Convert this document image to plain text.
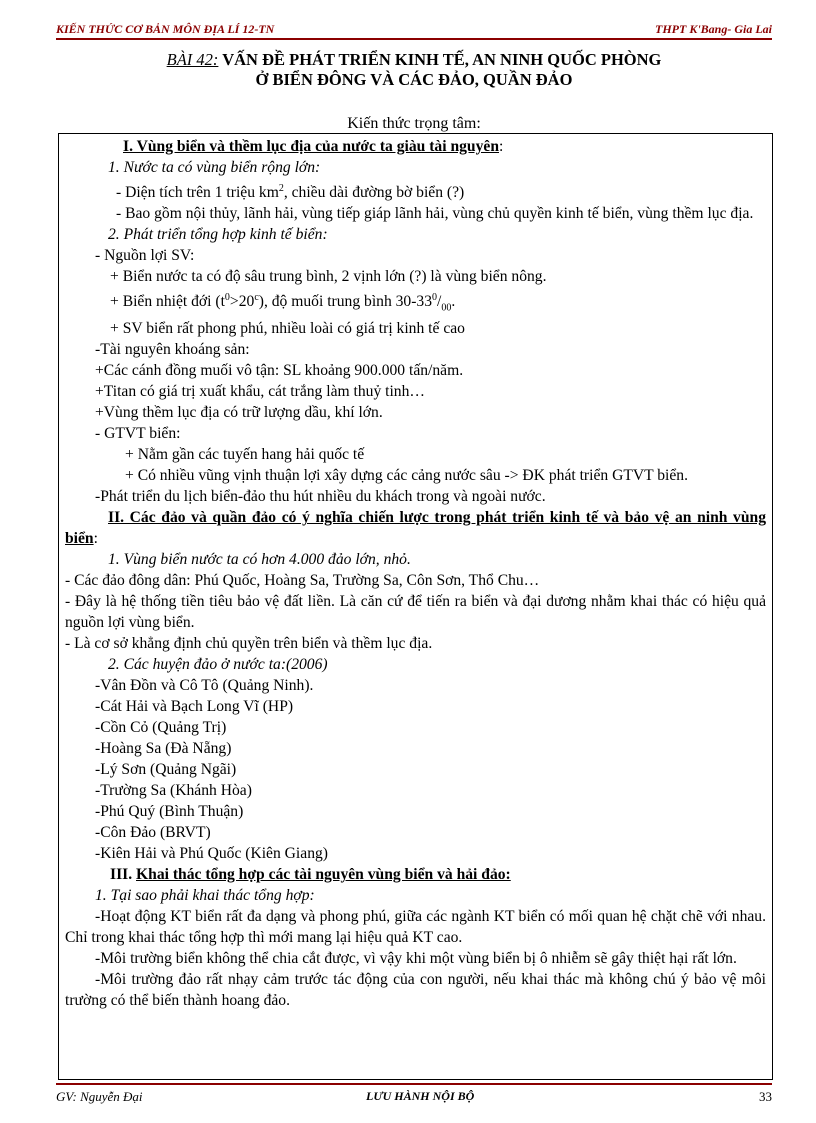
KIẾN THỨC CƠ BẢN MÔN ĐỊA LÍ 12-TN	THPT K'Bang- Gia Lai
BÀI 42: VẤN ĐỀ PHÁT TRIỂN KINH TẾ, AN NINH QUỐC PHÒNG
Ở BIỂN ĐÔNG VÀ CÁC ĐẢO, QUẦN ĐẢO
Kiến thức trọng tâm:
I. Vùng biển và thềm lục địa của nước ta giàu tài nguyên:
1. Nước ta có vùng biển rộng lớn:
- Diện tích trên 1 triệu $km^2$, chiều dài đường bờ biển (?)
- Bao gồm nội thủy, lãnh hải, vùng tiếp giáp lãnh hải, vùng chủ quyền kinh tế biển, vùng thềm lục địa.
2. Phát triển tổng hợp kinh tế biển:
- Nguồn lợi SV:
+ Biển nước ta có độ sâu trung bình, 2 vịnh lớn (?) là vùng biển nông.
+ Biển nhiệt đới $(t^0>20^c)$, độ muối trung bình $30-33^0/_{00}$.
+ SV biển rất phong phú, nhiều loài có giá trị kinh tế cao
-Tài nguyên khoáng sản:
+Các cánh đồng muối vô tận: SL khoảng 900.000 tấn/năm.
+Titan có giá trị xuất khẩu, cát trắng làm thuỷ tinh…
+Vùng thềm lục địa có trữ lượng dầu, khí lớn.
- GTVT biển:
+ Nằm gần các tuyến hang hải quốc tế
+ Có nhiều vũng vịnh thuận lợi xây dựng các cảng nước sâu -> ĐK phát triển GTVT biển.
-Phát triển du lịch biển-đảo thu hút nhiều du khách trong và ngoài nước.
II. Các đảo và quần đảo có ý nghĩa chiến lược trong phát triển kinh tế và bảo vệ an ninh vùng biển:
1. Vùng biển nước ta có hơn 4.000 đảo lớn, nhỏ.
- Các đảo đông dân: Phú Quốc, Hoàng Sa, Trường Sa, Côn Sơn, Thổ Chu…
- Đây là hệ thống tiền tiêu bảo vệ đất liền. Là căn cứ để tiến ra biển và đại dương nhằm khai thác có hiệu quả nguồn lợi vùng biển.
- Là cơ sở khẳng định chủ quyền trên biển và thềm lục địa.
2. Các huyện đảo ở nước ta:(2006)
-Vân Đồn và Cô Tô (Quảng Ninh).
-Cát Hải và Bạch Long Vĩ (HP)
-Cồn Cỏ (Quảng Trị)
-Hoàng Sa (Đà Nẵng)
-Lý Sơn (Quảng Ngãi)
-Trường Sa (Khánh Hòa)
-Phú Quý (Bình Thuận)
-Côn Đảo (BRVT)
-Kiên Hải và Phú Quốc (Kiên Giang)
III. Khai thác tổng hợp các tài nguyên vùng biển và hải đảo:
1. Tại sao phải khai thác tổng hợp:
-Hoạt động KT biển rất đa dạng và phong phú, giữa các ngành KT biển có mối quan hệ chặt chẽ với nhau. Chỉ trong khai thác tổng hợp thì mới mang lại hiệu quả KT cao.
-Môi trường biển không thể chia cắt được, vì vậy khi một vùng biển bị ô nhiễm sẽ gây thiệt hại rất lớn.
-Môi trường đảo rất nhạy cảm trước tác động của con người, nếu khai thác mà không chú ý bảo vệ môi trường có thể biến thành hoang đảo.
GV: Nguyễn Đại	LƯU HÀNH NỘI BỘ	33
